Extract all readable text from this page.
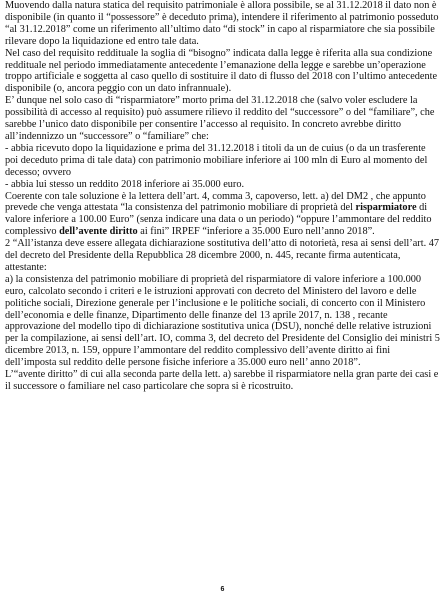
Muovendo dalla natura statica del requisito patrimoniale è allora possibile, se al 31.12.2018 il dato non è disponibile (in quanto il “possessore” è deceduto prima), intendere il riferimento al patrimonio posseduto “al 31.12.2018” come un riferimento all’ultimo dato “di stock” in capo al risparmiatore che sia possibile rilevare dopo la liquidazione ed entro tale data.

Nel caso del requisito reddituale la soglia di “bisogno” indicata dalla legge è riferita alla sua condizione reddituale nel periodo immediatamente antecedente l’emanazione della legge e sarebbe un’operazione troppo artificiale e soggetta al caso quello di sostituire il dato di flusso del 2018 con l’ultimo antecedente disponibile (o, ancora peggio con un dato infrannuale).

E’ dunque nel solo caso di “risparmiatore” morto prima del 31.12.2018 che (salvo voler escludere la possibilità di accesso al requisito) può assumere rilievo il reddito del “successore” o del “familiare”, che sarebbe l’unico dato disponibile per consentire l’accesso al requisito. In concreto avrebbe diritto all’indennizzo un “successore” o “familiare” che:

- abbia ricevuto dopo la liquidazione e prima del 31.12.2018 i titoli da un de cuius (o da un trasferente poi deceduto prima di tale data) con patrimonio mobiliare inferiore ai 100 mln di Euro al momento del decesso; ovvero

- abbia lui stesso un reddito 2018 inferiore ai 35.000 euro.

Coerente con tale soluzione è la lettera dell’art. 4, comma 3, capoverso, lett. a) del DM2 , che appunto prevede che venga attestata “la consistenza del patrimonio mobiliare di proprietà del risparmiatore di valore inferiore a 100.00 Euro” (senza indicare una data o un periodo) “oppure l’ammontare del reddito complessivo dell’avente diritto ai fini” IRPEF “inferiore a 35.000 Euro nell’anno 2018”.

2 “All’istanza deve essere allegata dichiarazione sostitutiva dell’atto di notorietà, resa ai sensi dell’art. 47 del decreto del Presidente della Repubblica 28 dicembre 2000, n. 445, recante firma autenticata, attestante:

a) la consistenza del patrimonio mobiliare di proprietà del risparmiatore di valore inferiore a 100.000 euro, calcolato secondo i criteri e le istruzioni approvati con decreto del Ministero del lavoro e delle politiche sociali, Direzione generale per l’inclusione e le politiche sociali, di concerto con il Ministero dell’economia e delle finanze, Dipartimento delle finanze del 13 aprile 2017, n. 138 , recante approvazione del modello tipo di dichiarazione sostitutiva unica (DSU), nonché delle relative istruzioni per la compilazione, ai sensi dell’art. IO, comma 3, del decreto del Presidente del Consiglio dei ministri 5 dicembre 2013, n. 159, oppure l’ammontare del reddito complessivo dell’avente diritto ai fini dell’imposta sul reddito delle persone fisiche inferiore a 35.000 euro nell’ anno 2018”.

L’“avente diritto” di cui alla seconda parte della lett. a) sarebbe il risparmiatore nella gran parte dei casi e il successore o familiare nel caso particolare che sopra si è ricostruito.

6
